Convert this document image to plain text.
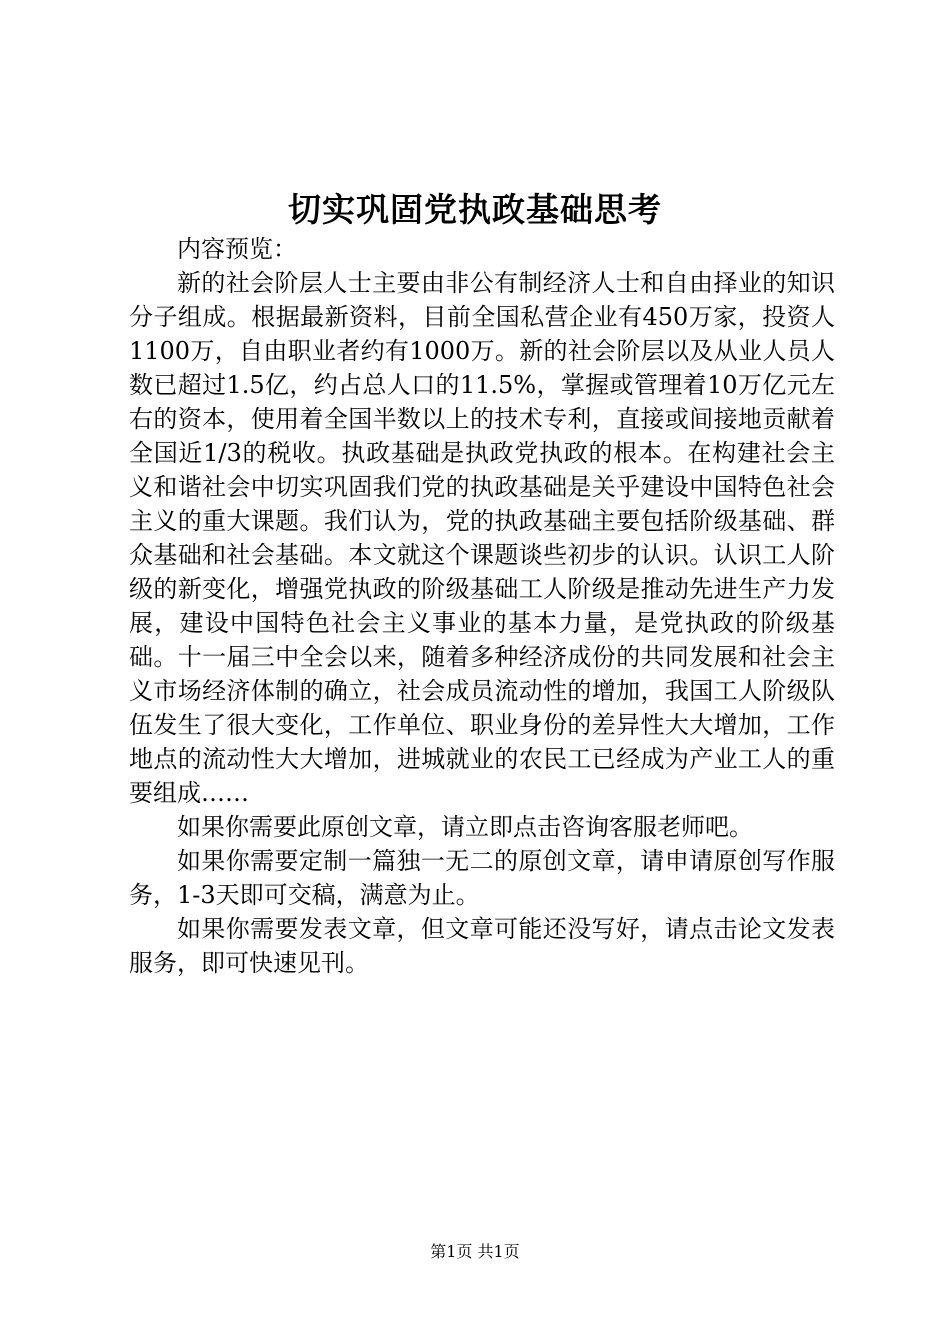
切实巩固党执政基础思考

内容预览：

新的社会阶层人士主要由非公有制经济人士和自由择业的知识分子组成。根据最新资料，目前全国私营企业有450万家，投资人1100万，自由职业者约有1000万。新的社会阶层以及从业人员人数已超过1.5亿，约占总人口的11.5%，掌握或管理着10万亿元左右的资本，使用着全国半数以上的技术专利，直接或间接地贡献着全国近1/3的税收。执政基础是执政党执政的根本。在构建社会主义和谐社会中切实巩固我们党的执政基础是关乎建设中国特色社会主义的重大课题。我们认为，党的执政基础主要包括阶级基础、群众基础和社会基础。本文就这个课题谈些初步的认识。认识工人阶级的新变化，增强党执政的阶级基础工人阶级是推动先进生产力发展，建设中国特色社会主义事业的基本力量，是党执政的阶级基础。十一届三中全会以来，随着多种经济成份的共同发展和社会主义市场经济体制的确立，社会成员流动性的增加，我国工人阶级队伍发生了很大变化，工作单位、职业身份的差异性大大增加，工作地点的流动性大大增加，进城就业的农民工已经成为产业工人的重要组成……

如果你需要此原创文章，请立即点击咨询客服老师吧。

如果你需要定制一篇独一无二的原创文章，请申请原创写作服务，1-3天即可交稿，满意为止。

如果你需要发表文章，但文章可能还没写好，请点击论文发表服务，即可快速见刊。

第1页 共1页
